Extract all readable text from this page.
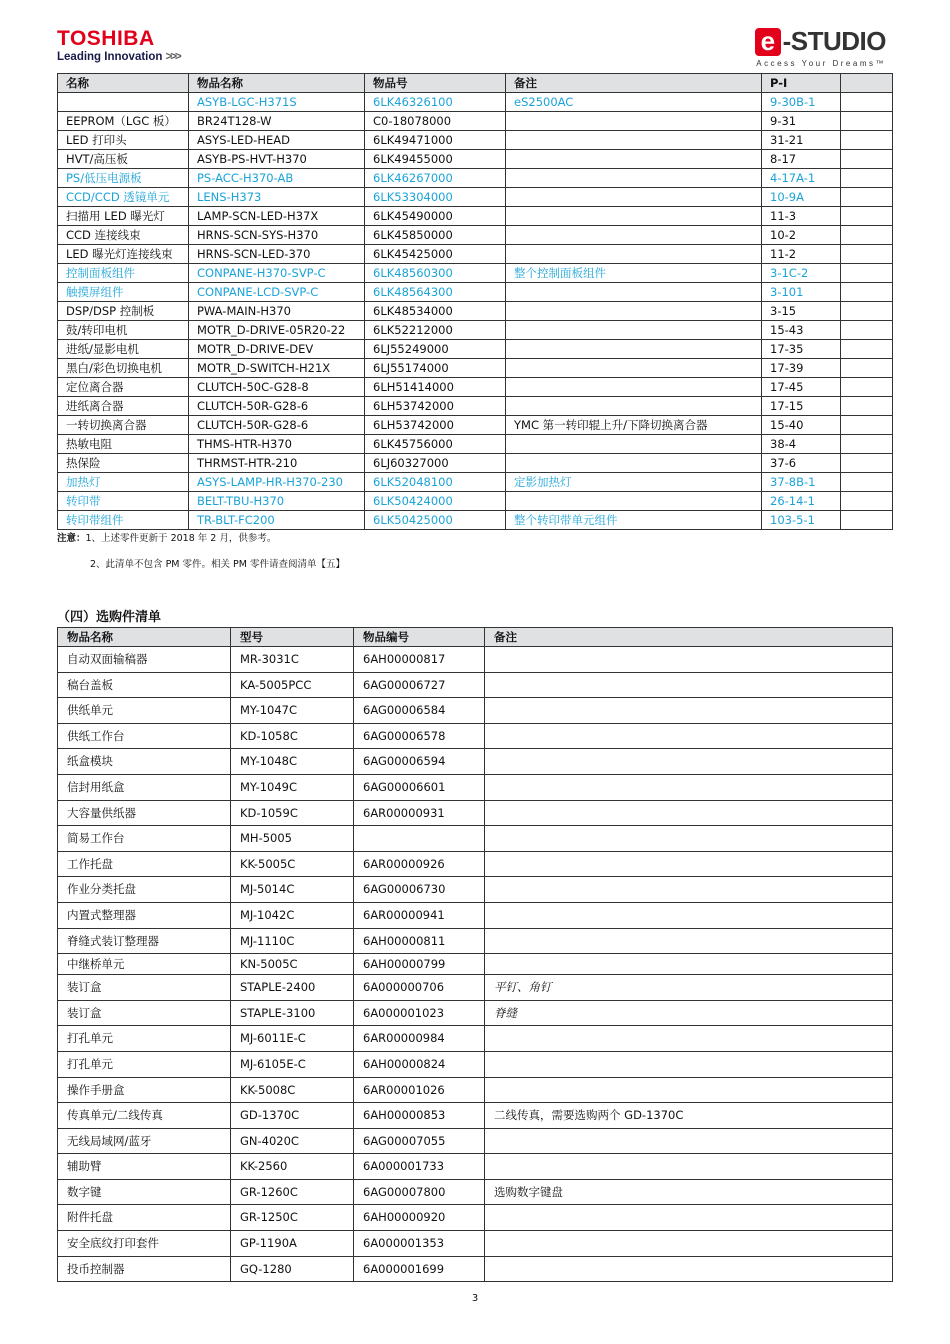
TOSHIBA
Leading Innovation >>>
e -STUDIO
Access Your Dreams™
名称	物品名称	物品号	备注	P-I	
	ASYB-LGC-H371S	6LK46326100	eS2500AC	9-30B-1	
EEPROM（LGC 板）	BR24T128-W	C0-18078000		9-31	
LED 打印头	ASYS-LED-HEAD	6LK49471000		31-21	
HVT/高压板	ASYB-PS-HVT-H370	6LK49455000		8-17	
PS/低压电源板	PS-ACC-H370-AB	6LK46267000		4-17A-1	
CCD/CCD 透镜单元	LENS-H373	6LK53304000		10-9A	
扫描用 LED 曝光灯	LAMP-SCN-LED-H37X	6LK45490000		11-3	
CCD 连接线束	HRNS-SCN-SYS-H370	6LK45850000		10-2	
LED 曝光灯连接线束	HRNS-SCN-LED-370	6LK45425000		11-2	
控制面板组件	CONPANE-H370-SVP-C	6LK48560300	整个控制面板组件	3-1C-2	
触摸屏组件	CONPANE-LCD-SVP-C	6LK48564300		3-101	
DSP/DSP 控制板	PWA-MAIN-H370	6LK48534000		3-15	
鼓/转印电机	MOTR_D-DRIVE-05R20-22	6LK52212000		15-43	
进纸/显影电机	MOTR_D-DRIVE-DEV	6LJ55249000		17-35	
黑白/彩色切换电机	MOTR_D-SWITCH-H21X	6LJ55174000		17-39	
定位离合器	CLUTCH-50C-G28-8	6LH51414000		17-45	
进纸离合器	CLUTCH-50R-G28-6	6LH53742000		17-15	
一转切换离合器	CLUTCH-50R-G28-6	6LH53742000	YMC 第一转印辊上升/下降切换离合器	15-40	
热敏电阻	THMS-HTR-H370	6LK45756000		38-4	
热保险	THRMST-HTR-210	6LJ60327000		37-6	
加热灯	ASYS-LAMP-HR-H370-230	6LK52048100	定影加热灯	37-8B-1	
转印带	BELT-TBU-H370	6LK50424000		26-14-1	
转印带组件	TR-BLT-FC200	6LK50425000	整个转印带单元组件	103-5-1	
注意：1、上述零件更新于 2018 年 2 月，供参考。
2、此清单不包含 PM 零件。相关 PM 零件请查阅清单【五】
（四）选购件清单
物品名称	型号	物品编号	备注
自动双面输稿器	MR-3031C	6AH00000817	
稿台盖板	KA-5005PCC	6AG00006727	
供纸单元	MY-1047C	6AG00006584	
供纸工作台	KD-1058C	6AG00006578	
纸盒模块	MY-1048C	6AG00006594	
信封用纸盒	MY-1049C	6AG00006601	
大容量供纸器	KD-1059C	6AR00000931	
简易工作台	MH-5005		
工作托盘	KK-5005C	6AR00000926	
作业分类托盘	MJ-5014C	6AG00006730	
内置式整理器	MJ-1042C	6AR00000941	
脊缝式装订整理器	MJ-1110C	6AH00000811	
中继桥单元	KN-5005C	6AH00000799	
装订盒	STAPLE-2400	6A000000706	平钉、角钉
装订盒	STAPLE-3100	6A000001023	脊缝
打孔单元	MJ-6011E-C	6AR00000984	
打孔单元	MJ-6105E-C	6AH00000824	
操作手册盒	KK-5008C	6AR00001026	
传真单元/二线传真	GD-1370C	6AH00000853	二线传真，需要选购两个 GD-1370C
无线局域网/蓝牙	GN-4020C	6AG00007055	
辅助臂	KK-2560	6A000001733	
数字键	GR-1260C	6AG00007800	选购数字键盘
附件托盘	GR-1250C	6AH00000920	
安全底纹打印套件	GP-1190A	6A000001353	
投币控制器	GQ-1280	6A000001699	
3
